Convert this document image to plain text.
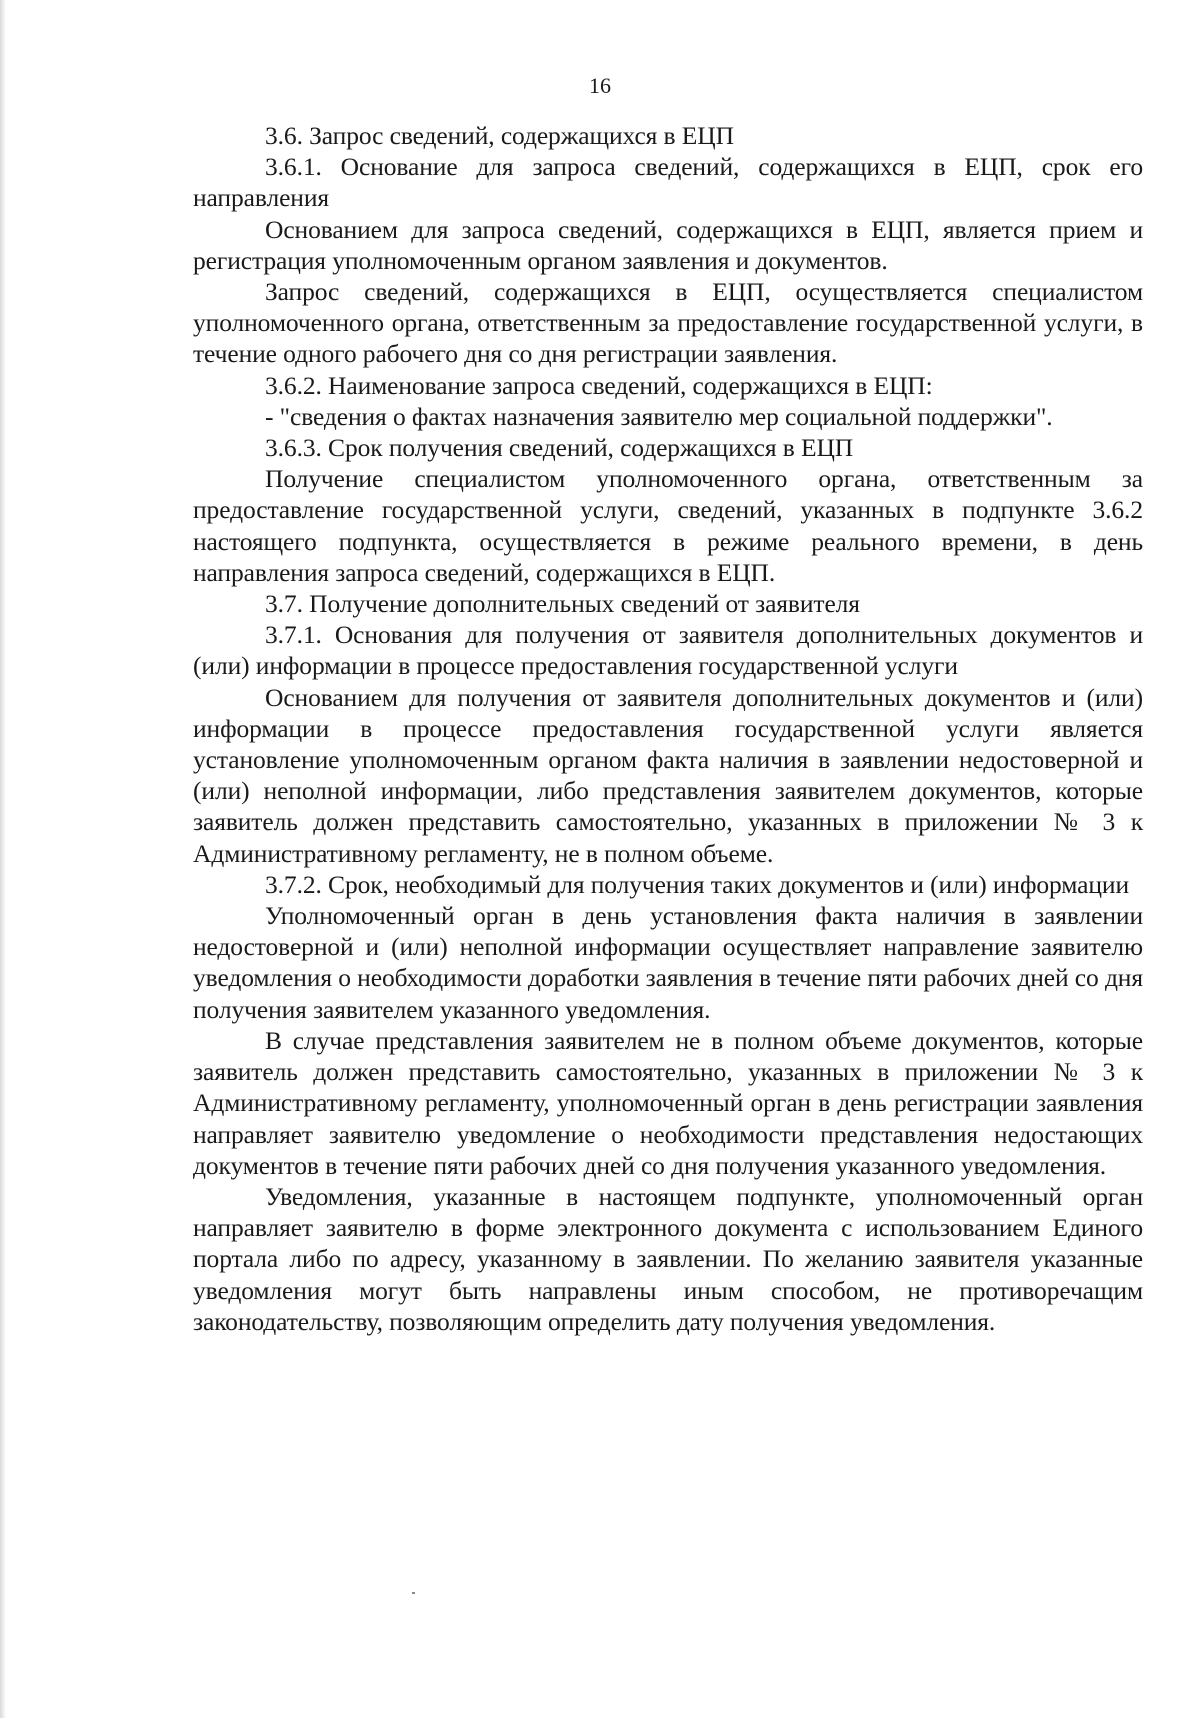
16

3.6. Запрос сведений, содержащихся в ЕЦП

3.6.1. Основание для запроса сведений, содержащихся в ЕЦП, срок его направления

Основанием для запроса сведений, содержащихся в ЕЦП, является прием и регистрация уполномоченным органом заявления и документов.

Запрос сведений, содержащихся в ЕЦП, осуществляется специалистом уполномоченного органа, ответственным за предоставление государственной услуги, в течение одного рабочего дня со дня регистрации заявления.

3.6.2. Наименование запроса сведений, содержащихся в ЕЦП:

- "сведения о фактах назначения заявителю мер социальной поддержки".

3.6.3. Срок получения сведений, содержащихся в ЕЦП

Получение специалистом уполномоченного органа, ответственным за предоставление государственной услуги, сведений, указанных в подпункте 3.6.2 настоящего подпункта, осуществляется в режиме реального времени, в день направления запроса сведений, содержащихся в ЕЦП.

3.7. Получение дополнительных сведений от заявителя

3.7.1. Основания для получения от заявителя дополнительных документов и (или) информации в процессе предоставления государственной услуги

Основанием для получения от заявителя дополнительных документов и (или) информации в процессе предоставления государственной услуги является установление уполномоченным органом факта наличия в заявлении недостоверной и (или) неполной информации, либо представления заявителем документов, которые заявитель должен представить самостоятельно, указанных в приложении № 3 к Административному регламенту, не в полном объеме.

3.7.2. Срок, необходимый для получения таких документов и (или) информации

Уполномоченный орган в день установления факта наличия в заявлении недостоверной и (или) неполной информации осуществляет направление заявителю уведомления о необходимости доработки заявления в течение пяти рабочих дней со дня получения заявителем указанного уведомления.

В случае представления заявителем не в полном объеме документов, которые заявитель должен представить самостоятельно, указанных в приложении № 3 к Административному регламенту, уполномоченный орган в день регистрации заявления направляет заявителю уведомление о необходимости представления недостающих документов в течение пяти рабочих дней со дня получения указанного уведомления.

Уведомления, указанные в настоящем подпункте, уполномоченный орган направляет заявителю в форме электронного документа с использованием Единого портала либо по адресу, указанному в заявлении. По желанию заявителя указанные уведомления могут быть направлены иным способом, не противоречащим законодательству, позволяющим определить дату получения уведомления.
